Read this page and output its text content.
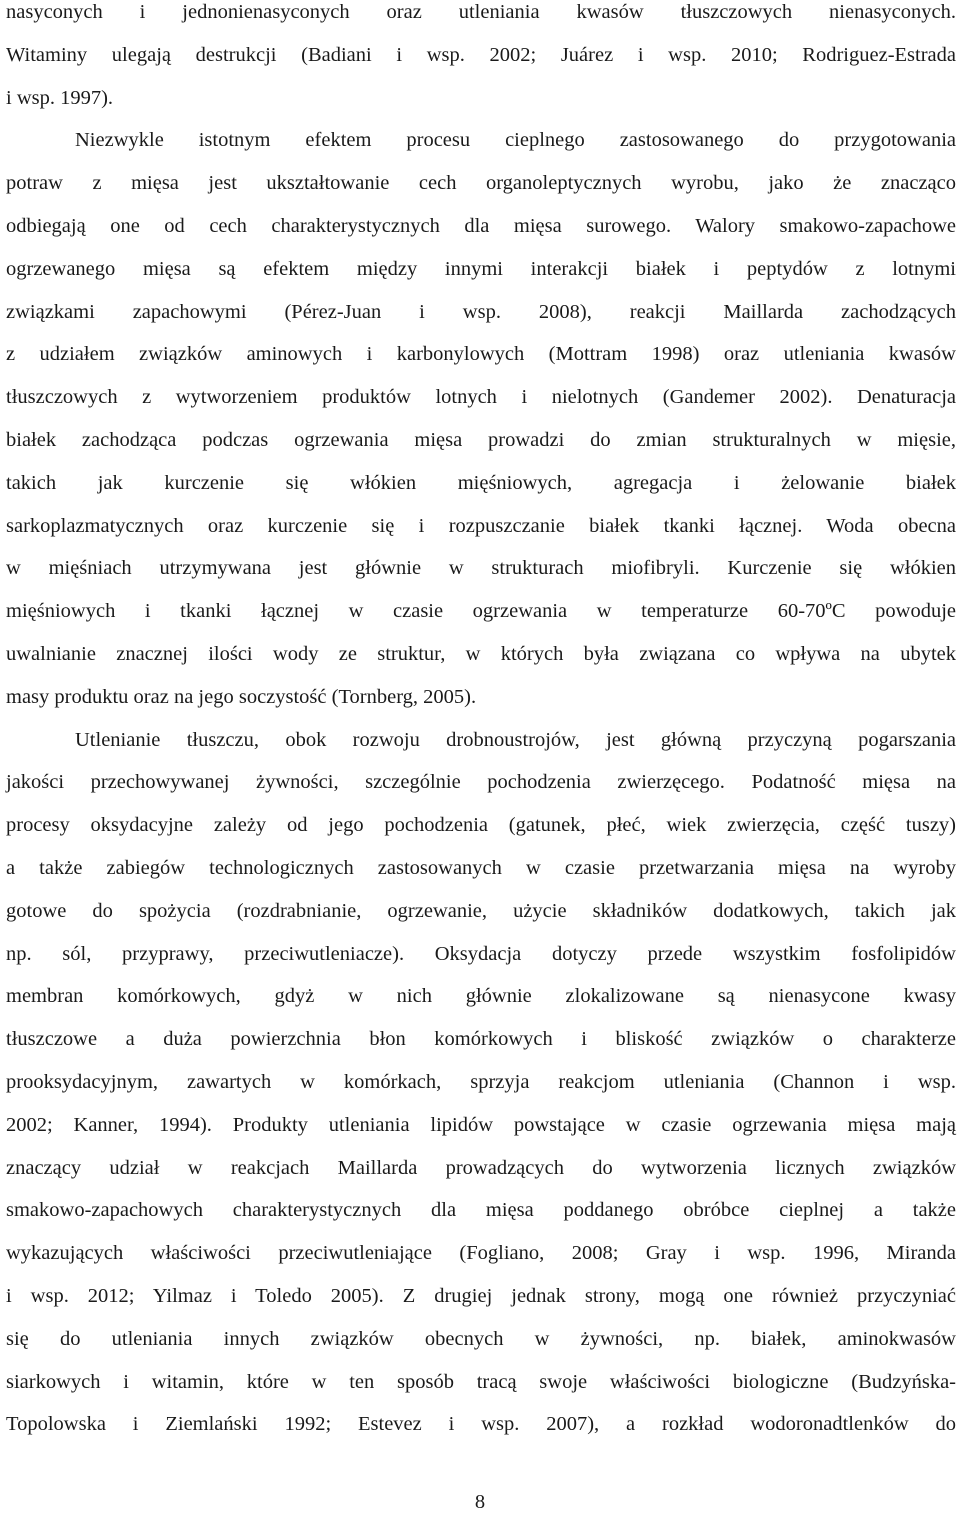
nasyconych i jednonienasyconych oraz utleniania kwasów tłuszczowych nienasyconych.
Witaminy ulegają destrukcji (Badiani i wsp. 2002; Juárez i wsp. 2010; Rodriguez-Estrada
i wsp. 1997).
Niezwykle istotnym efektem procesu cieplnego zastosowanego do przygotowania
potraw z mięsa jest ukształtowanie cech organoleptycznych wyrobu, jako że znacząco
odbiegają one od cech charakterystycznych dla mięsa surowego. Walory smakowo-zapachowe
ogrzewanego mięsa są efektem między innymi interakcji białek i peptydów z lotnymi
związkami zapachowymi (Pérez-Juan i wsp. 2008), reakcji Maillarda zachodzących
z udziałem związków aminowych i karbonylowych (Mottram 1998) oraz utleniania kwasów
tłuszczowych z wytworzeniem produktów lotnych i nielotnych (Gandemer 2002). Denaturacja
białek zachodząca podczas ogrzewania mięsa prowadzi do zmian strukturalnych w mięsie,
takich jak kurczenie się włókien mięśniowych, agregacja i żelowanie białek
sarkoplazmatycznych oraz kurczenie się i rozpuszczanie białek tkanki łącznej. Woda obecna
w mięśniach utrzymywana jest głównie w strukturach miofibryli. Kurczenie się włókien
mięśniowych i tkanki łącznej w czasie ogrzewania w temperaturze 60-70ºC powoduje
uwalnianie znacznej ilości wody ze struktur, w których była związana co wpływa na ubytek
masy produktu oraz na jego soczystość (Tornberg, 2005).
Utlenianie tłuszczu, obok rozwoju drobnoustrojów, jest główną przyczyną pogarszania
jakości przechowywanej żywności, szczególnie pochodzenia zwierzęcego. Podatność mięsa na
procesy oksydacyjne zależy od jego pochodzenia (gatunek, płeć, wiek zwierzęcia, część tuszy)
a także zabiegów technologicznych zastosowanych w czasie przetwarzania mięsa na wyroby
gotowe do spożycia (rozdrabnianie, ogrzewanie, użycie składników dodatkowych, takich jak
np. sól, przyprawy, przeciwutleniacze). Oksydacja dotyczy przede wszystkim fosfolipidów
membran komórkowych, gdyż w nich głównie zlokalizowane są nienasycone kwasy
tłuszczowe a duża powierzchnia błon komórkowych i bliskość związków o charakterze
prooksydacyjnym, zawartych w komórkach, sprzyja reakcjom utleniania (Channon i wsp.
2002; Kanner, 1994). Produkty utleniania lipidów powstające w czasie ogrzewania mięsa mają
znaczący udział w reakcjach Maillarda prowadzących do wytworzenia licznych związków
smakowo-zapachowych charakterystycznych dla mięsa poddanego obróbce cieplnej a także
wykazujących właściwości przeciwutleniające (Fogliano, 2008; Gray i wsp. 1996, Miranda
i wsp. 2012; Yilmaz i Toledo 2005). Z drugiej jednak strony, mogą one również przyczyniać
się do utleniania innych związków obecnych w żywności, np. białek, aminokwasów
siarkowych i witamin, które w ten sposób tracą swoje właściwości biologiczne (Budzyńska-
Topolowska i Ziemlański 1992; Estevez i wsp. 2007), a rozkład wodoronadtlenków do
8
